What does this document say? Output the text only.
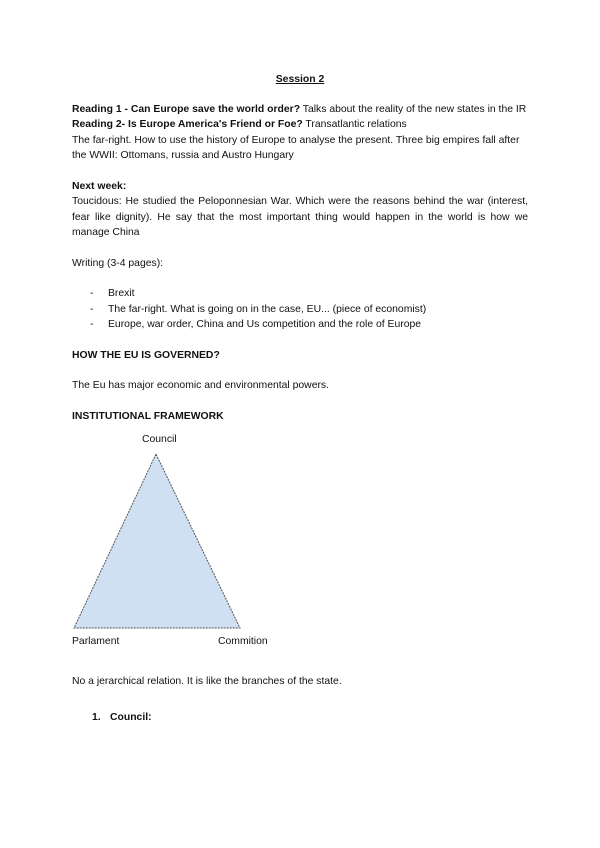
Session 2

Reading 1 - Can Europe save the world order? Talks about the reality of the new states in the IR

Reading 2- Is Europe America's Friend or Foe? Transatlantic relations

The far-right. How to use the history of Europe to analyse the present. Three big empires fall after the WWII: Ottomans, russia and Austro Hungary

Next week:

Toucidous: He studied the Peloponnesian War. Which were the reasons behind the war (interest, fear like dignity). He say that the most important thing would happen in the world is how we manage China

Writing (3-4 pages):

- Brexit
- The far-right. What is going on in the case, EU... (piece of economist)
- Europe, war order, China and Us competition and the role of Europe

HOW THE EU IS GOVERNED?

The Eu has major economic and environmental powers.

INSTITUTIONAL FRAMEWORK

Council
Parlament	Commition

No a jerarchical relation. It is like the branches of the state.

1. Council:
